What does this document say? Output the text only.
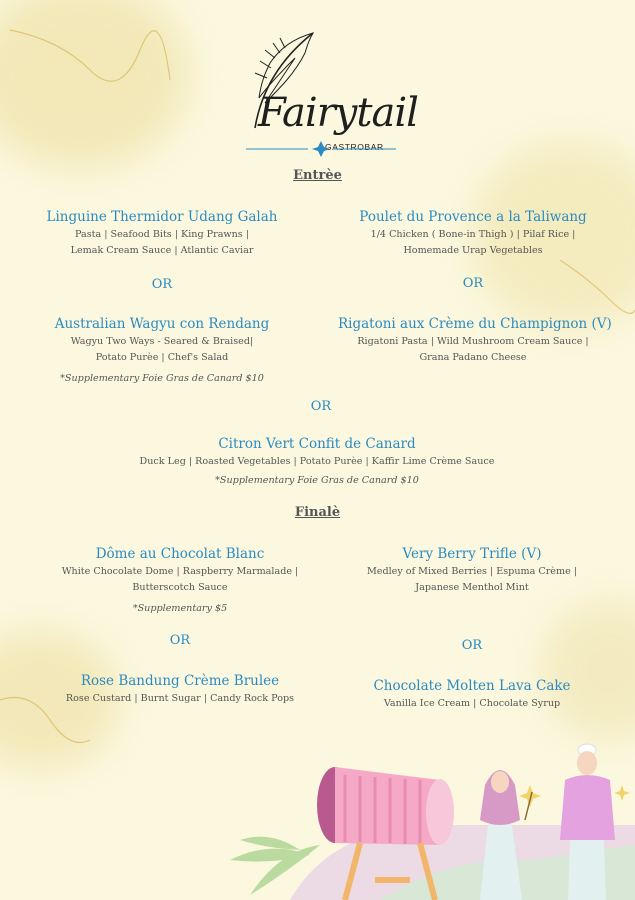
Fairytail
GASTROBAR
Entrèe
Linguine Thermidor Udang Galah
Pasta | Seafood Bits | King Prawns |
Lemak Cream Sauce | Atlantic Caviar
Poulet du Provence a la Taliwang
1/4 Chicken ( Bone-in Thigh ) | Pilaf Rice |
Homemade Urap Vegetables
OR	OR
Australian Wagyu con Rendang
Wagyu Two Ways - Seared & Braised|
Potato Purèe | Chef's Salad
*Supplementary Foie Gras de Canard $10
Rigatoni aux Crème du Champignon (V)
Rigatoni Pasta | Wild Mushroom Cream Sauce |
Grana Padano Cheese
OR
Citron Vert Confit de Canard
Duck Leg | Roasted Vegetables | Potato Purèe | Kaffir Lime Crème Sauce
*Supplementary Foie Gras de Canard $10
Finalè
Dôme au Chocolat Blanc
White Chocolate Dome | Raspberry Marmalade |
Butterscotch Sauce
*Supplementary $5
Very Berry Trifle (V)
Medley of Mixed Berries | Espuma Crème |
Japanese Menthol Mint
OR	OR
Rose Bandung Crème Brulee
Rose Custard | Burnt Sugar | Candy Rock Pops
Chocolate Molten Lava Cake
Vanilla Ice Cream | Chocolate Syrup
